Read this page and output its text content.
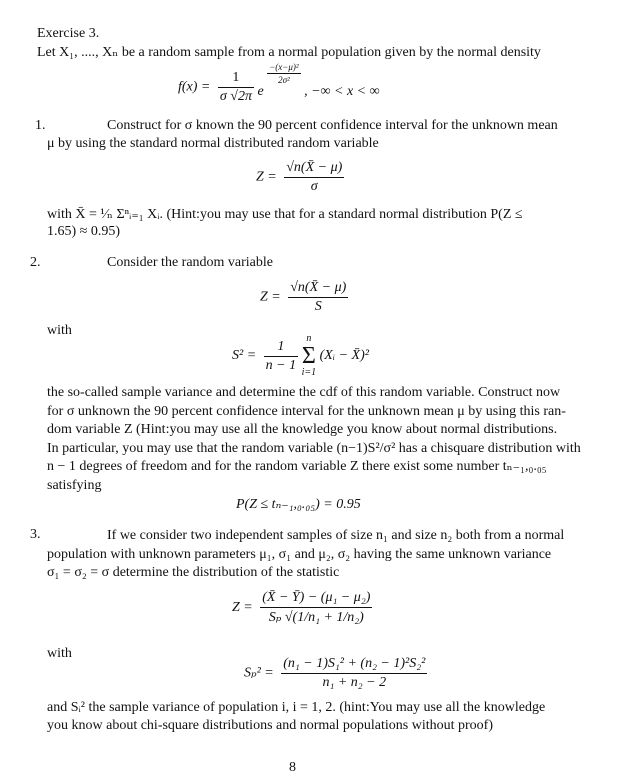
Exercise 3.
Let X₁, ...., Xₙ be a random sample from a normal population given by the normal density
$f(x) = \frac{1}{\sigma √2\pi}$ e
$\frac{\text{−(x−μ)²}}{\text{2σ²}}$
, −∞ < x < ∞
1.	Construct for σ known the 90 percent confidence interval for the unknown mean
μ by using the standard normal distributed random variable
$Z = \frac{√n(X̄ - \mu)}{\sigma}$
with X̄ = ¹⁄ₙ Σⁿᵢ₌₁ Xᵢ. (Hint:you may use that for a standard normal distribution P(Z ≤
1.65) ≈ 0.95)
2.	Consider the random variable
$Z = \frac{√n(X̄ - \mu)}{S}$
with
$S^2 = \frac{1}{n - 1}$
n
Σ
i=1
(Xᵢ − X̄)²
the so-called sample variance and determine the cdf of this random variable. Construct now
for σ unknown the 90 percent confidence interval for the unknown mean μ by using this ran-
dom variable Z (Hint:you may use all the knowledge you know about normal distributions.
In particular, you may use that the random variable (n−1)S²/σ² has a chisquare distribution with
n − 1 degrees of freedom and for the random variable Z there exist some number tₙ₋₁,₀.₀₅
satisfying
P(Z ≤ tₙ₋₁,₀.₀₅) = 0.95
3.	If we consider two independent samples of size n₁ and size n₂ both from a normal
population with unknown parameters μ₁, σ₁ and μ₂, σ₂ having the same unknown variance
σ₁ = σ₂ = σ determine the distribution of the statistic
$Z = \frac{\text{(X̄ − Ȳ) − (μ₁ − μ₂)}}{\text{Sₚ √(1/n₁ + 1/n₂)}}$
with
$S_p^2 = \frac{\text{(n₁ − 1)S₁² + (n₂ − 1)²S₂²}}{\text{n₁ + n₂ − 2}}$
and Sᵢ² the sample variance of population i, i = 1, 2. (hint:You may use all the knowledge
you know about chi-square distributions and normal populations without proof)
8
